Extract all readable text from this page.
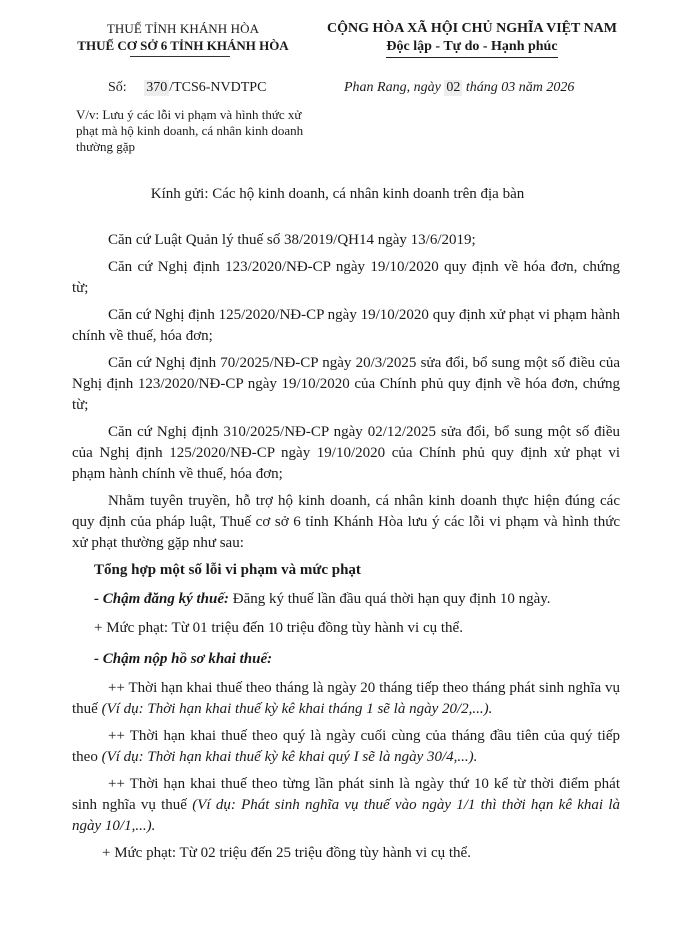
THUẾ TỈNH KHÁNH HÒA
THUẾ CƠ SỞ 6 TỈNH KHÁNH HÒA
CỘNG HÒA XÃ HỘI CHỦ NGHĨA VIỆT NAM
Độc lập - Tự do - Hạnh phúc
Số: 370 /TCS6-NVDTPC	Phan Rang, ngày 02 tháng 03 năm 2026
V/v: Lưu ý các lỗi vi phạm và hình thức xử phạt mà hộ kinh doanh, cá nhân kinh doanh thường gặp
Kính gửi: Các hộ kinh doanh, cá nhân kinh doanh trên địa bàn

Căn cứ Luật Quản lý thuế số 38/2019/QH14 ngày 13/6/2019;

Căn cứ Nghị định 123/2020/NĐ-CP ngày 19/10/2020 quy định về hóa đơn, chứng từ;

Căn cứ Nghị định 125/2020/NĐ-CP ngày 19/10/2020 quy định xử phạt vi phạm hành chính về thuế, hóa đơn;

Căn cứ Nghị định 70/2025/NĐ-CP ngày 20/3/2025 sửa đổi, bổ sung một số điều của Nghị định 123/2020/NĐ-CP ngày 19/10/2020 của Chính phủ quy định về hóa đơn, chứng từ;

Căn cứ Nghị định 310/2025/NĐ-CP ngày 02/12/2025 sửa đổi, bổ sung một số điều của Nghị định 125/2020/NĐ-CP ngày 19/10/2020 của Chính phủ quy định xử phạt vi phạm hành chính về thuế, hóa đơn;

Nhằm tuyên truyền, hỗ trợ hộ kinh doanh, cá nhân kinh doanh thực hiện đúng các quy định của pháp luật, Thuế cơ sở 6 tỉnh Khánh Hòa lưu ý các lỗi vi phạm và hình thức xử phạt thường gặp như sau:

Tổng hợp một số lỗi vi phạm và mức phạt

- Chậm đăng ký thuế: Đăng ký thuế lần đầu quá thời hạn quy định 10 ngày.

+ Mức phạt: Từ 01 triệu đến 10 triệu đồng tùy hành vi cụ thể.

- Chậm nộp hồ sơ khai thuế:

++ Thời hạn khai thuế theo tháng là ngày 20 tháng tiếp theo tháng phát sinh nghĩa vụ thuế (Ví dụ: Thời hạn khai thuế kỳ kê khai tháng 1 sẽ là ngày 20/2,...).

++ Thời hạn khai thuế theo quý là ngày cuối cùng của tháng đầu tiên của quý tiếp theo (Ví dụ: Thời hạn khai thuế kỳ kê khai quý I sẽ là ngày 30/4,...).

++ Thời hạn khai thuế theo từng lần phát sinh là ngày thứ 10 kể từ thời điểm phát sinh nghĩa vụ thuế (Ví dụ: Phát sinh nghĩa vụ thuế vào ngày 1/1 thì thời hạn kê khai là ngày 10/1,...).

+ Mức phạt: Từ 02 triệu đến 25 triệu đồng tùy hành vi cụ thể.
